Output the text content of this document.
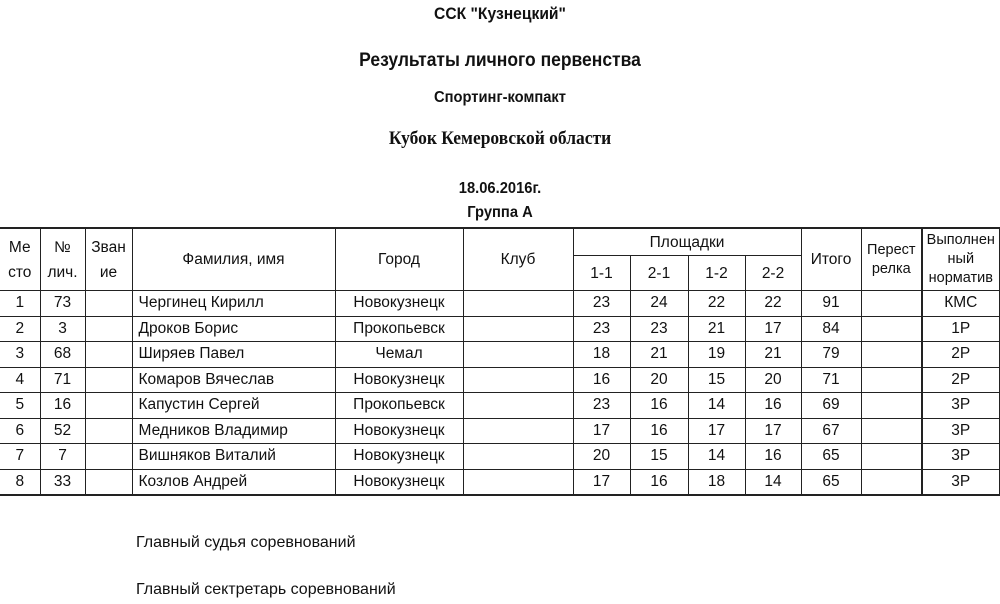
ССК "Кузнецкий"
Результаты личного первенства
Спортинг-компакт
Кубок Кемеровской области
18.06.2016г.
Группа А
Ме сто	№ лич.	Зван ие	Фамилия, имя	Город	Клуб	Площадки				Итого	Перест релка	Выполнен ный норматив
						1-1	2-1	1-2	2-2			
1	73		Чергинец Кирилл	Новокузнецк		23	24	22	22	91		КМС
2	3		Дроков Борис	Прокопьевск		23	23	21	17	84		1Р
3	68		Ширяев Павел	Чемал		18	21	19	21	79		2Р
4	71		Комаров Вячеслав	Новокузнецк		16	20	15	20	71		2Р
5	16		Капустин Сергей	Прокопьевск		23	16	14	16	69		3Р
6	52		Медников Владимир	Новокузнецк		17	16	17	17	67		3Р
7	7		Вишняков Виталий	Новокузнецк		20	15	14	16	65		3Р
8	33		Козлов Андрей	Новокузнецк		17	16	18	14	65		3Р
Главный судья соревнований
Главный сектретарь соревнований
